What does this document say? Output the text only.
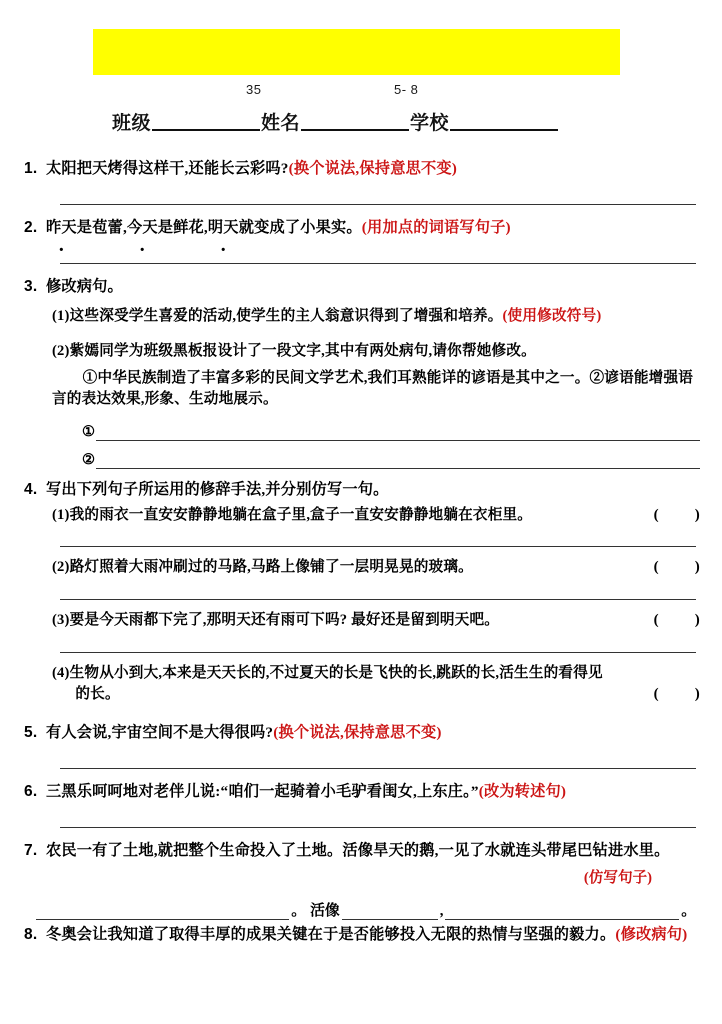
35	5- 8
班级	姓名	学校
1. 太阳把天烤得这样干,还能长云彩吗?(换个说法,保持意思不变)
2. 昨天是苞蕾,今天是鲜花,明天就变成了小果实。(用加点的词语写句子)
3. 修改病句。
(1)这些深受学生喜爱的活动,使学生的主人翁意识得到了增强和培养。(使用修改符号)
(2)紫嫣同学为班级黑板报设计了一段文字,其中有两处病句,请你帮她修改。
①中华民族制造了丰富多彩的民间文学艺术,我们耳熟能详的谚语是其中之一。②谚语能增强语言的表达效果,形象、生动地展示。
①
②
4. 写出下列句子所运用的修辞手法,并分别仿写一句。
(1)我的雨衣一直安安静静地躺在盒子里,盒子一直安安静静地躺在衣柜里。	( )
(2)路灯照着大雨冲刷过的马路,马路上像铺了一层明晃晃的玻璃。	( )
(3)要是今天雨都下完了,那明天还有雨可下吗? 最好还是留到明天吧。	( )
(4)生物从小到大,本来是天天长的,不过夏天的长是飞快的长,跳跃的长,活生生的看得见
的长。	( )
5. 有人会说,宇宙空间不是大得很吗?(换个说法,保持意思不变)
6. 三黑乐呵呵地对老伴儿说:“咱们一起骑着小毛驴看闺女,上东庄。”(改为转述句)
7. 农民一有了土地,就把整个生命投入了土地。活像旱天的鹅,一见了水就连头带尾巴钻进水里。
(仿写句子)
。 活像	,	。
8. 冬奥会让我知道了取得丰厚的成果关键在于是否能够投入无限的热情与坚强的毅力。(修改病句)
